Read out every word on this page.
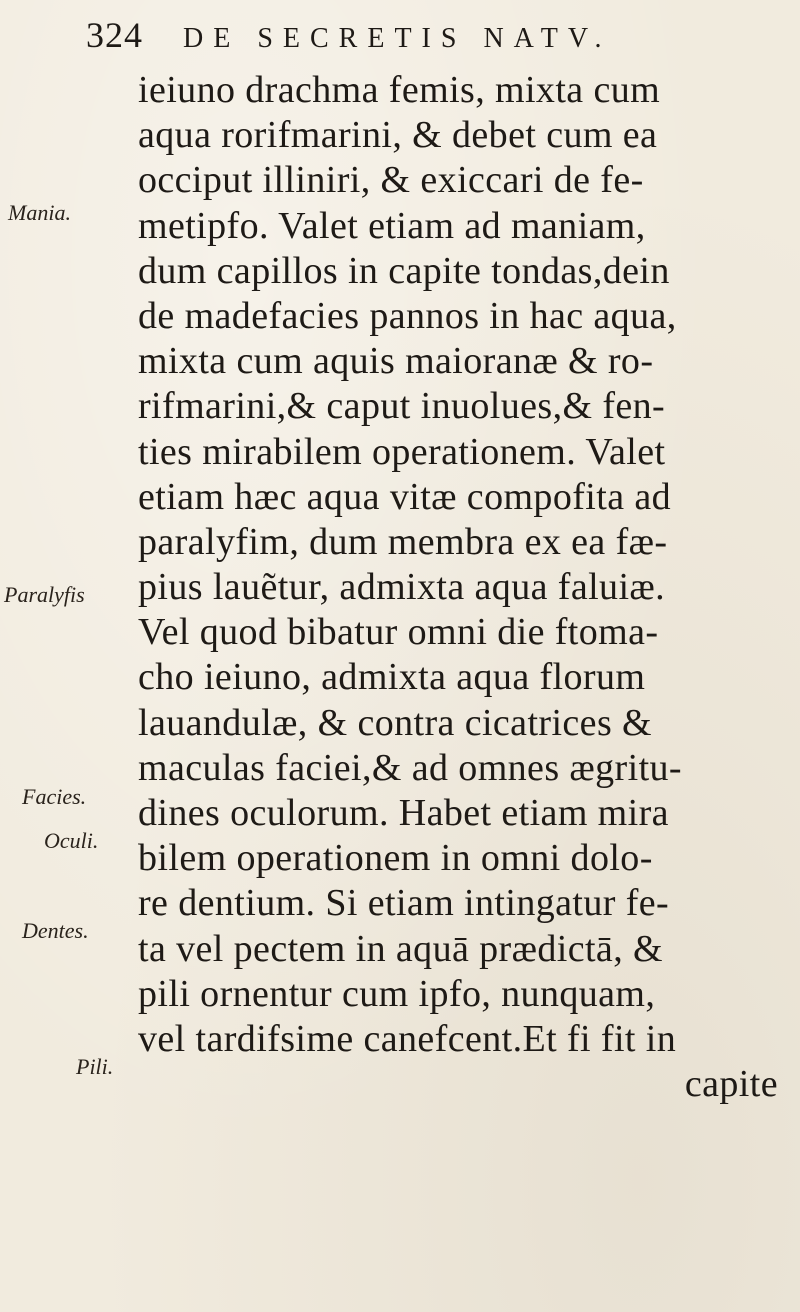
324 DE SECRETIS NATV.
ieiuno drachma femis, mixta cum
aqua rorifmarini, & debet cum ea
occiput illiniri, & exiccari de fe-
metipfo. Valet etiam ad maniam,
dum capillos in capite tondas,dein
de madefacies pannos in hac aqua,
mixta cum aquis maioranæ & ro-
rifmarini,& caput inuolues,& fen-
ties mirabilem operationem. Valet
etiam hæc aqua vitæ compofita ad
paralyfim, dum membra ex ea fæ-
pius lauẽtur, admixta aqua faluiæ.
Vel quod bibatur omni die ftoma-
cho ieiuno, admixta aqua florum
lauandulæ, & contra cicatrices &
maculas faciei,& ad omnes ægritu-
dines oculorum. Habet etiam mira
bilem operationem in omni dolo-
re dentium. Si etiam intingatur fe-
ta vel pectem in aquā prædictā, &
pili ornentur cum ipfo, nunquam,
vel tardifsime canefcent.Et fi fit in
capite
Mania.
Paralyfis
Facies.
Oculi.
Dentes.
Pili.
